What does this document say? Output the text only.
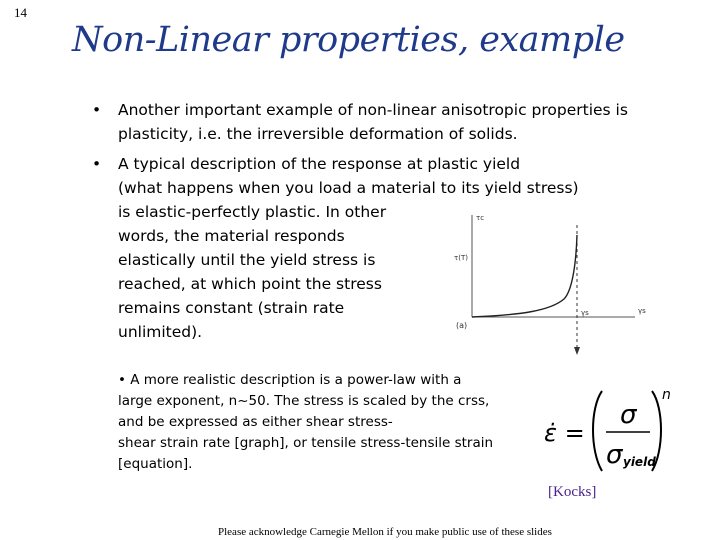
14
Non-Linear properties, example
• Another important example of non-linear anisotropic properties is
plasticity, i.e. the irreversible deformation of solids.
• A typical description of the response at plastic yield
(what happens when you load a material to its yield stress)
is elastic-perfectly plastic. In other
words, the material responds
elastically until the yield stress is
reached, at which point the stress
remains constant (strain rate
unlimited).
τc
τ(T)
γs
γs
(a)
• A more realistic description is a power-law with a
large exponent, n~50. The stress is scaled by the crss,
and be expressed as either shear stress-
shear strain rate [graph], or tensile stress-tensile strain
[equation].
ε̇ =
σ
σ yield
n
[Kocks]
Please acknowledge Carnegie Mellon if you make public use of these slides
